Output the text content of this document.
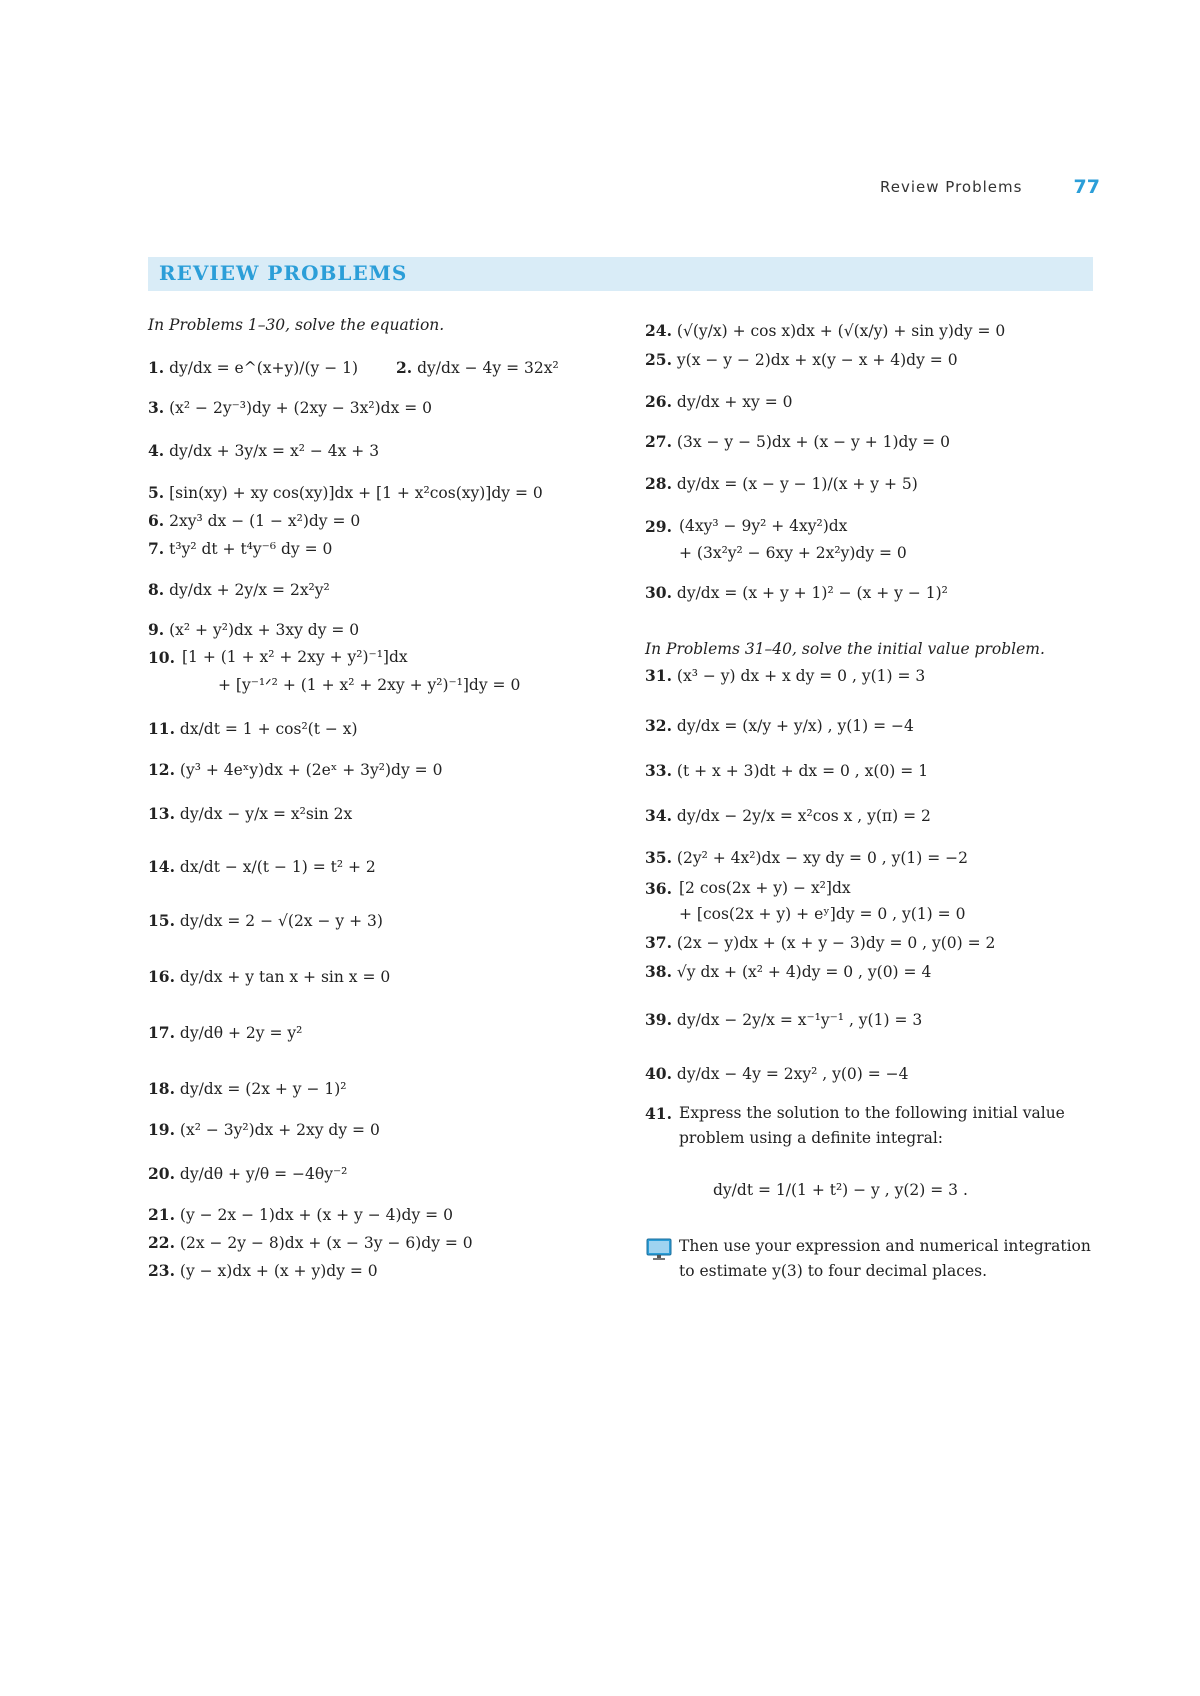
Review Problems	77
REVIEW PROBLEMS
In Problems 1–30, solve the equation.
1. dy/dx = e^(x+y)/(y − 1) 2. dy/dx − 4y = 32x²
3. (x² − 2y⁻³)dy + (2xy − 3x²)dx = 0
4. dy/dx + 3y/x = x² − 4x + 3
5. [sin(xy) + xy cos(xy)]dx + [1 + x²cos(xy)]dy = 0
6. 2xy³ dx − (1 − x²)dy = 0
7. t³y² dt + t⁴y⁻⁶ dy = 0
8. dy/dx + 2y/x = 2x²y²
9. (x² + y²)dx + 3xy dy = 0
10. [1 + (1 + x² + 2xy + y²)⁻¹]dx
+ [y⁻¹ᐟ² + (1 + x² + 2xy + y²)⁻¹]dy = 0
11. dx/dt = 1 + cos²(t − x)
12. (y³ + 4eˣy)dx + (2eˣ + 3y²)dy = 0
13. dy/dx − y/x = x²sin 2x
14. dx/dt − x/(t − 1) = t² + 2
15. dy/dx = 2 − √(2x − y + 3)
16. dy/dx + y tan x + sin x = 0
17. dy/dθ + 2y = y²
18. dy/dx = (2x + y − 1)²
19. (x² − 3y²)dx + 2xy dy = 0
20. dy/dθ + y/θ = −4θy⁻²
21. (y − 2x − 1)dx + (x + y − 4)dy = 0
22. (2x − 2y − 8)dx + (x − 3y − 6)dy = 0
23. (y − x)dx + (x + y)dy = 0
24. (√(y/x) + cos x)dx + (√(x/y) + sin y)dy = 0
25. y(x − y − 2)dx + x(y − x + 4)dy = 0
26. dy/dx + xy = 0
27. (3x − y − 5)dx + (x − y + 1)dy = 0
28. dy/dx = (x − y − 1)/(x + y + 5)
29. (4xy³ − 9y² + 4xy²)dx
+ (3x²y² − 6xy + 2x²y)dy = 0
30. dy/dx = (x + y + 1)² − (x + y − 1)²
In Problems 31–40, solve the initial value problem.
31. (x³ − y) dx + x dy = 0 , y(1) = 3
32. dy/dx = (x/y + y/x) , y(1) = −4
33. (t + x + 3)dt + dx = 0 , x(0) = 1
34. dy/dx − 2y/x = x²cos x , y(π) = 2
35. (2y² + 4x²)dx − xy dy = 0 , y(1) = −2
36. [2 cos(2x + y) − x²]dx
+ [cos(2x + y) + eʸ]dy = 0 , y(1) = 0
37. (2x − y)dx + (x + y − 3)dy = 0 , y(0) = 2
38. √y dx + (x² + 4)dy = 0 , y(0) = 4
39. dy/dx − 2y/x = x⁻¹y⁻¹ , y(1) = 3
40. dy/dx − 4y = 2xy² , y(0) = −4
41. Express the solution to the following initial value
problem using a definite integral:
dy/dt = 1/(1 + t²) − y , y(2) = 3 .
Then use your expression and numerical integration
to estimate y(3) to four decimal places.
